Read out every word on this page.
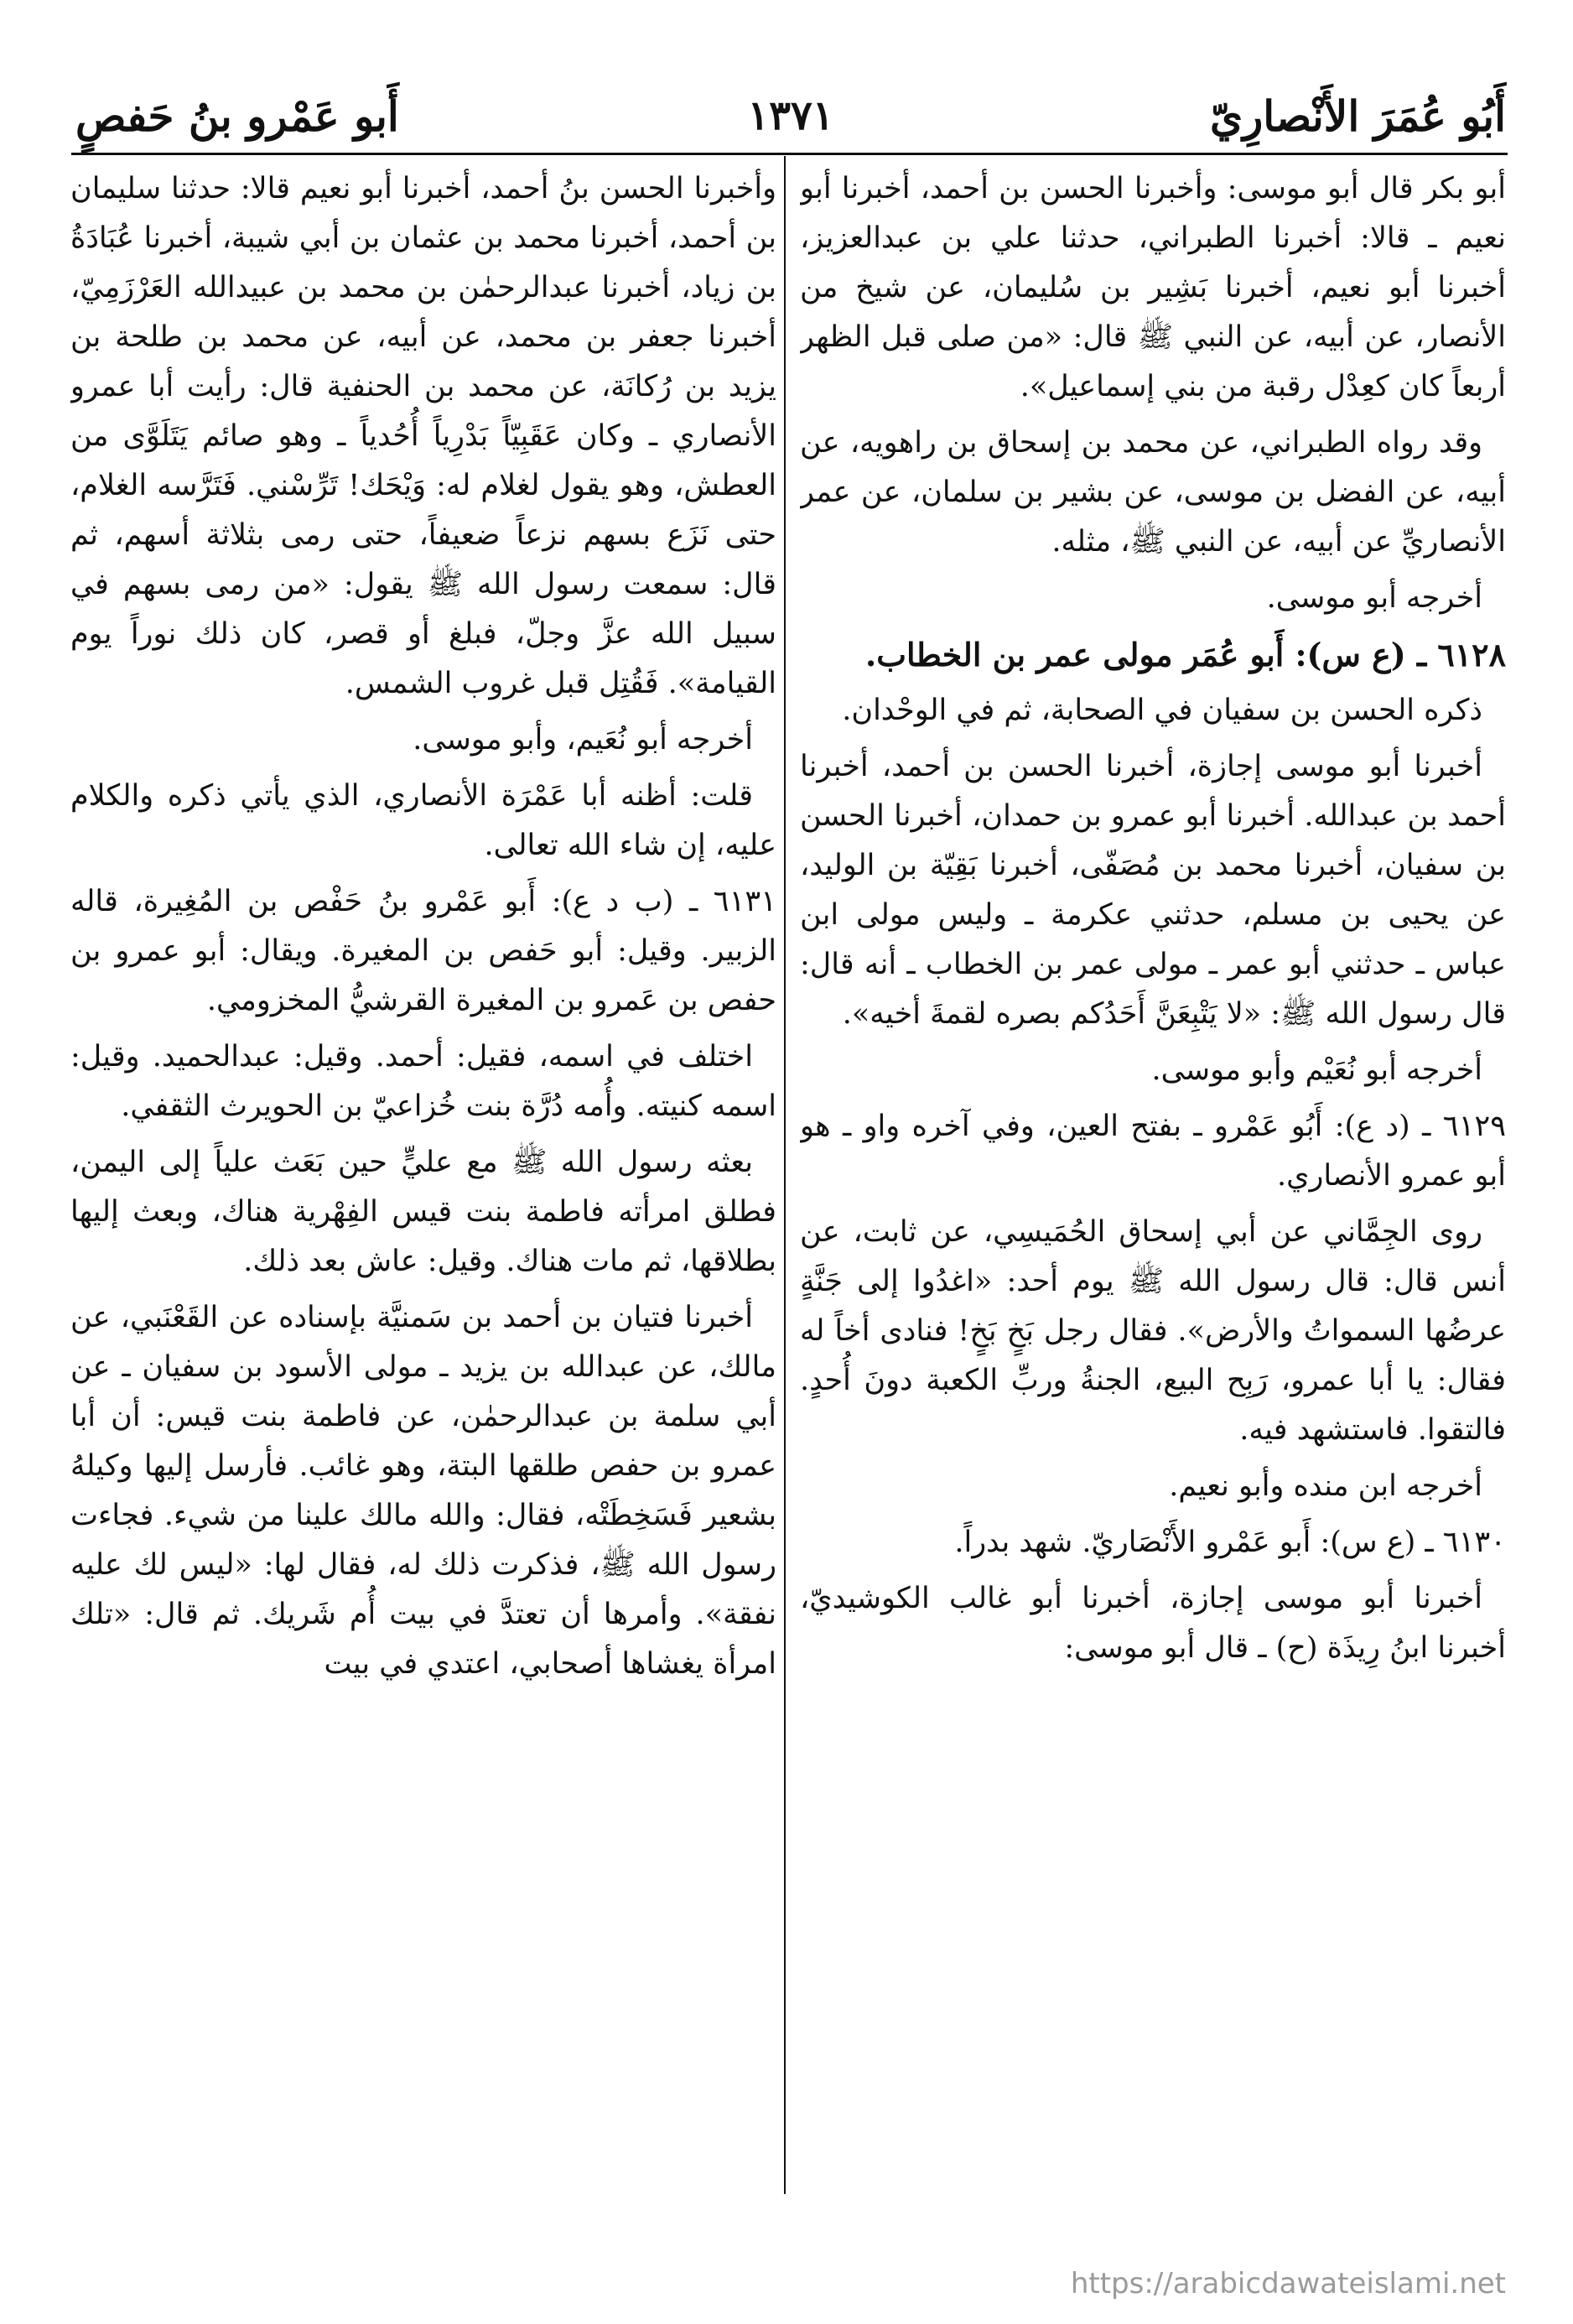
أَبُو عُمَرَ الأَنْصارِيّ
١٣٧١
أَبو عَمْرو بنُ حَفصٍ

أبو بكر قال أبو موسى: وأخبرنا الحسن بن أحمد، أخبرنا أبو نعيم ـ قالا: أخبرنا الطبراني، حدثنا علي بن عبدالعزيز، أخبرنا أبو نعيم، أخبرنا بَشِير بن سُليمان، عن شيخ من الأنصار، عن أبيه، عن النبي ﷺ قال: «من صلى قبل الظهر أربعاً كان كعِدْل رقبة من بني إسماعيل».

وقد رواه الطبراني، عن محمد بن إسحاق بن راهويه، عن أبيه، عن الفضل بن موسى، عن بشير بن سلمان، عن عمر الأنصاريِّ عن أبيه، عن النبي ﷺ، مثله.

أخرجه أبو موسى.

٦١٢٨ ـ (ع س): أَبو عُمَر مولى عمر بن الخطاب.

ذكره الحسن بن سفيان في الصحابة، ثم في الوحْدان.

أخبرنا أبو موسى إجازة، أخبرنا الحسن بن أحمد، أخبرنا أحمد بن عبدالله. أخبرنا أبو عمرو بن حمدان، أخبرنا الحسن بن سفيان، أخبرنا محمد بن مُصَفّى، أخبرنا بَقِيّة بن الوليد، عن يحيى بن مسلم، حدثني عكرمة ـ وليس مولى ابن عباس ـ حدثني أبو عمر ـ مولى عمر بن الخطاب ـ أنه قال: قال رسول الله ﷺ: «لا يَتْبِعَنَّ أَحَدُكم بصره لقمةَ أخيه».

أخرجه أبو نُعَيْم وأبو موسى.

٦١٢٩ ـ (د ع): أَبُو عَمْرو ـ بفتح العين، وفي آخره واو ـ هو أبو عمرو الأنصاري.

روى الجِمَّاني عن أبي إسحاق الحُمَيسِي، عن ثابت، عن أنس قال: قال رسول الله ﷺ يوم أحد: «اغدُوا إلى جَنَّةٍ عرضُها السمواتُ والأرض». فقال رجل بَخٍ بَخٍ! فنادى أخاً له فقال: يا أبا عمرو، رَبِح البيع، الجنةُ وربِّ الكعبة دونَ أُحدٍ. فالتقوا. فاستشهد فيه.

أخرجه ابن منده وأبو نعيم.

٦١٣٠ ـ (ع س): أَبو عَمْرو الأَنْصَاريّ. شهد بدراً.

أخبرنا أبو موسى إجازة، أخبرنا أبو غالب الكوشيديّ، أخبرنا ابنُ رِيذَة (ح) ـ قال أبو موسى:

وأخبرنا الحسن بنُ أحمد، أخبرنا أبو نعيم قالا: حدثنا سليمان بن أحمد، أخبرنا محمد بن عثمان بن أبي شيبة، أخبرنا عُبَادَةُ بن زياد، أخبرنا عبدالرحمٰن بن محمد بن عبيدالله العَرْزَمِيّ، أخبرنا جعفر بن محمد، عن أبيه، عن محمد بن طلحة بن يزيد بن رُكانَة، عن محمد بن الحنفية قال: رأيت أبا عمرو الأنصاري ـ وكان عَقَبِيّاً بَدْرِياً أُحُدياً ـ وهو صائم يَتَلَوَّى من العطش، وهو يقول لغلام له: وَيْحَك! تَرِّسْني. فَتَرَّسه الغلام، حتى نَزَع بسهم نزعاً ضعيفاً، حتى رمى بثلاثة أسهم، ثم قال: سمعت رسول الله ﷺ يقول: «من رمى بسهم في سبيل الله عزَّ وجلّ، فبلغ أو قصر، كان ذلك نوراً يوم القيامة». فَقُتِل قبل غروب الشمس.

أخرجه أبو نُعَيم، وأبو موسى.

قلت: أظنه أبا عَمْرَة الأنصاري، الذي يأتي ذكره والكلام عليه، إن شاء الله تعالى.

٦١٣١ ـ (ب د ع): أَبو عَمْرو بنُ حَفْص بن المُغِيرة، قاله الزبير. وقيل: أبو حَفص بن المغيرة. ويقال: أبو عمرو بن حفص بن عَمرو بن المغيرة القرشيُّ المخزومي.

اختلف في اسمه، فقيل: أحمد. وقيل: عبدالحميد. وقيل: اسمه كنيته. وأُمه دُرَّة بنت خُزاعيّ بن الحويرث الثقفي.

بعثه رسول الله ﷺ مع عليٍّ حين بَعَث علياً إلى اليمن، فطلق امرأته فاطمة بنت قيس الفِهْرية هناك، وبعث إليها بطلاقها، ثم مات هناك. وقيل: عاش بعد ذلك.

أخبرنا فتيان بن أحمد بن سَمنيَّة بإسناده عن القَعْنَبي، عن مالك، عن عبدالله بن يزيد ـ مولى الأسود بن سفيان ـ عن أبي سلمة بن عبدالرحمٰن، عن فاطمة بنت قيس: أن أبا عمرو بن حفص طلقها البتة، وهو غائب. فأرسل إليها وكيلهُ بشعير فَسَخِطَتْه، فقال: والله مالك علينا من شيء. فجاءت رسول الله ﷺ، فذكرت ذلك له، فقال لها: «ليس لك عليه نفقة». وأمرها أن تعتدَّ في بيت أُم شَريك. ثم قال: «تلك امرأة يغشاها أصحابي، اعتدي في بيت

https://arabicdawateislami.net
